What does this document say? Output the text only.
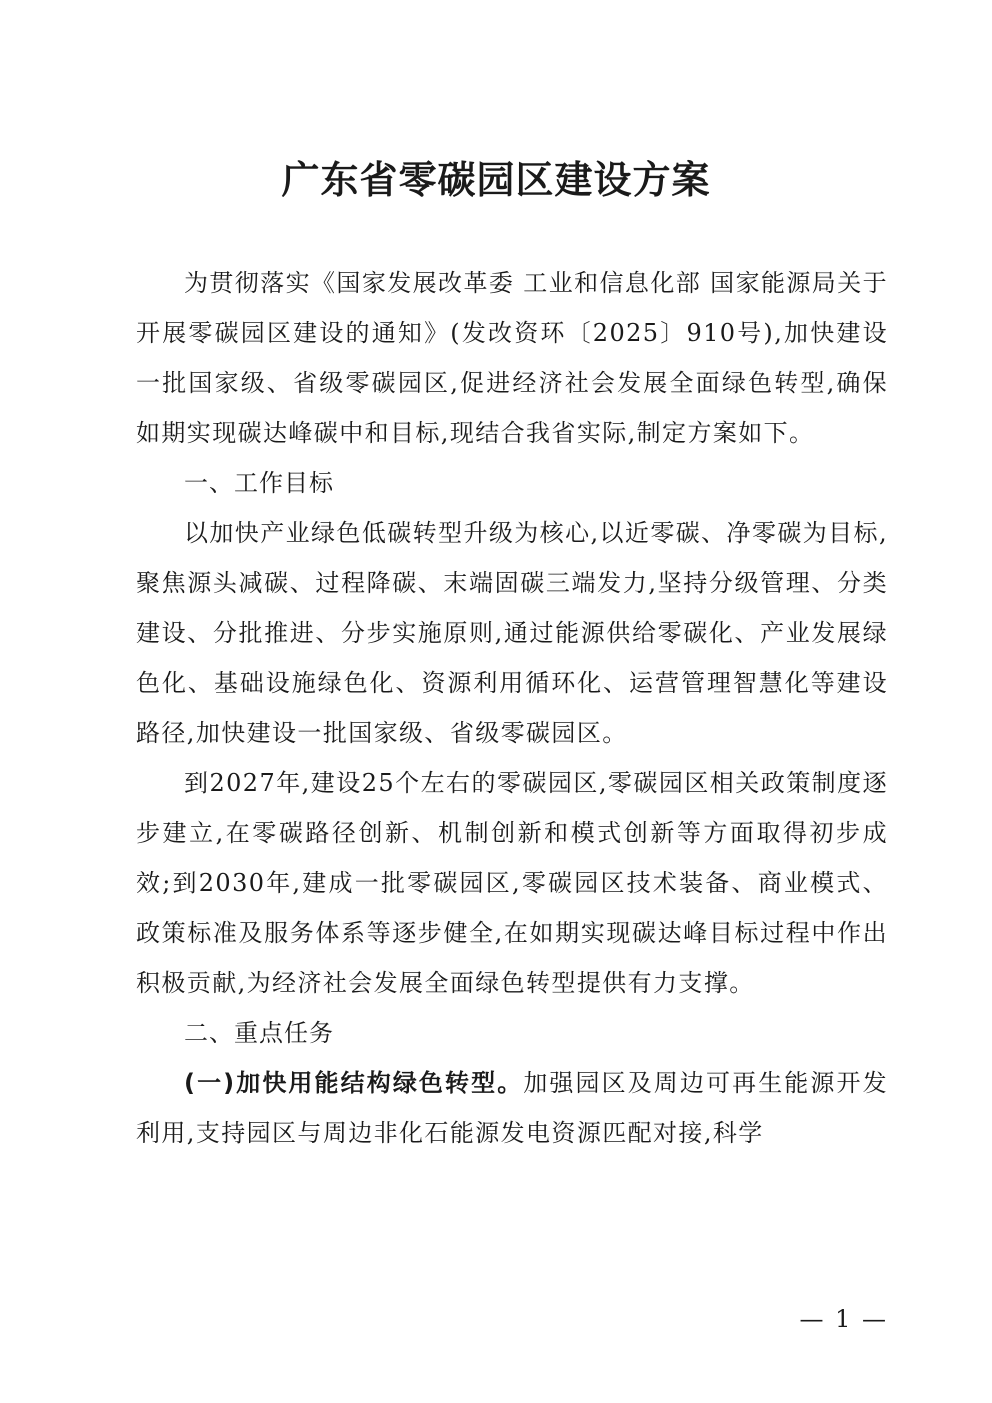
广东省零碳园区建设方案

为贯彻落实《国家发展改革委 工业和信息化部 国家能源局关于开展零碳园区建设的通知》(发改资环〔2025〕910号),加快建设一批国家级、省级零碳园区,促进经济社会发展全面绿色转型,确保如期实现碳达峰碳中和目标,现结合我省实际,制定方案如下。

一、工作目标

以加快产业绿色低碳转型升级为核心,以近零碳、净零碳为目标,聚焦源头减碳、过程降碳、末端固碳三端发力,坚持分级管理、分类建设、分批推进、分步实施原则,通过能源供给零碳化、产业发展绿色化、基础设施绿色化、资源利用循环化、运营管理智慧化等建设路径,加快建设一批国家级、省级零碳园区。

到2027年,建设25个左右的零碳园区,零碳园区相关政策制度逐步建立,在零碳路径创新、机制创新和模式创新等方面取得初步成效;到2030年,建成一批零碳园区,零碳园区技术装备、商业模式、政策标准及服务体系等逐步健全,在如期实现碳达峰目标过程中作出积极贡献,为经济社会发展全面绿色转型提供有力支撑。

二、重点任务

(一)加快用能结构绿色转型。加强园区及周边可再生能源开发利用,支持园区与周边非化石能源发电资源匹配对接,科学

— 1 —
